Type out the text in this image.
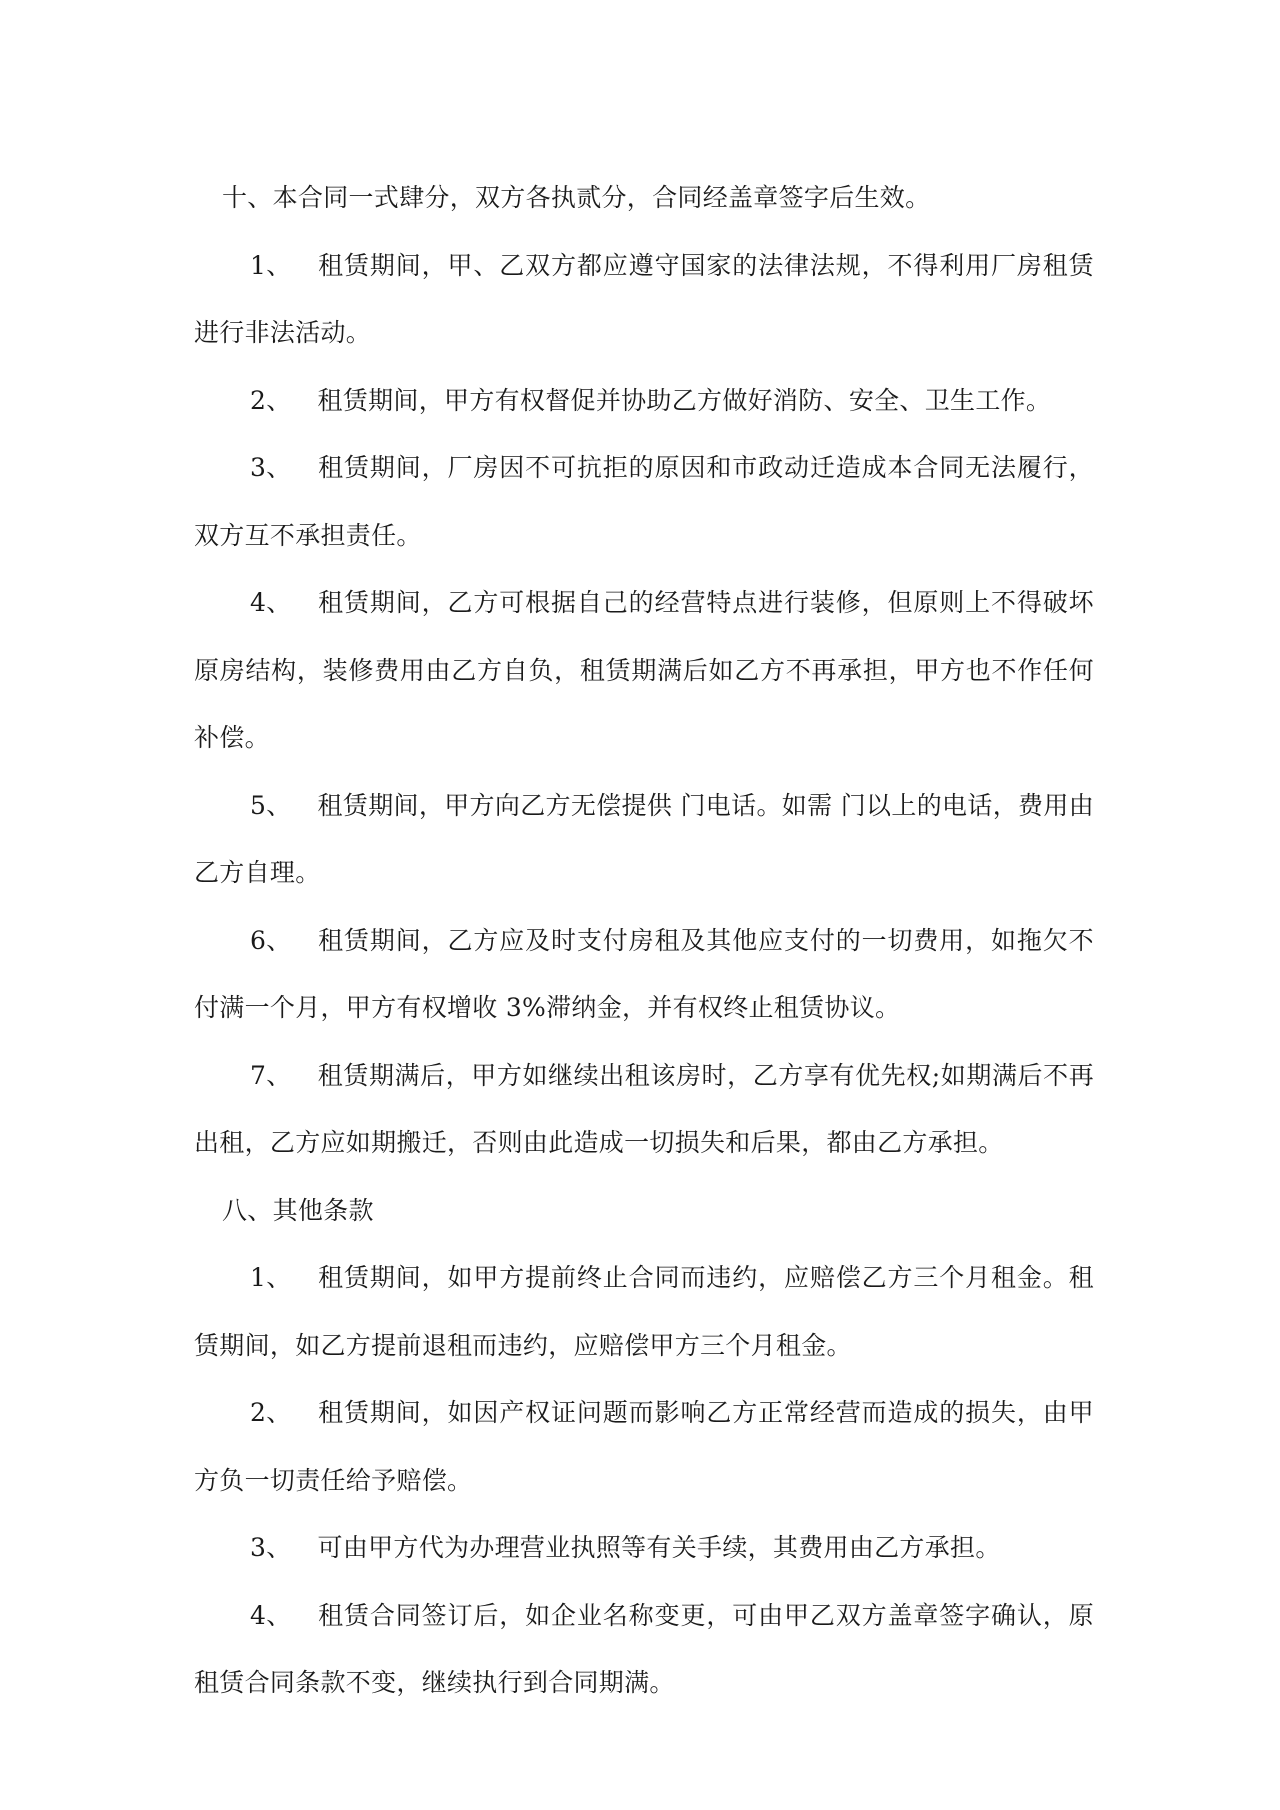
十、本合同一式肆分，双方各执贰分，合同经盖章签字后生效。

1、 租赁期间，甲、乙双方都应遵守国家的法律法规，不得利用厂房租赁进行非法活动。

2、 租赁期间，甲方有权督促并协助乙方做好消防、安全、卫生工作。

3、 租赁期间，厂房因不可抗拒的原因和市政动迁造成本合同无法履行，双方互不承担责任。

4、 租赁期间，乙方可根据自己的经营特点进行装修，但原则上不得破坏原房结构，装修费用由乙方自负，租赁期满后如乙方不再承担，甲方也不作任何补偿。

5、 租赁期间，甲方向乙方无偿提供 门电话。如需 门以上的电话，费用由乙方自理。

6、 租赁期间，乙方应及时支付房租及其他应支付的一切费用，如拖欠不付满一个月，甲方有权增收 3%滞纳金，并有权终止租赁协议。

7、 租赁期满后，甲方如继续出租该房时，乙方享有优先权;如期满后不再出租，乙方应如期搬迁，否则由此造成一切损失和后果，都由乙方承担。

八、其他条款

1、 租赁期间，如甲方提前终止合同而违约，应赔偿乙方三个月租金。租赁期间，如乙方提前退租而违约，应赔偿甲方三个月租金。

2、 租赁期间，如因产权证问题而影响乙方正常经营而造成的损失，由甲方负一切责任给予赔偿。

3、 可由甲方代为办理营业执照等有关手续，其费用由乙方承担。

4、 租赁合同签订后，如企业名称变更，可由甲乙双方盖章签字确认，原租赁合同条款不变，继续执行到合同期满。
